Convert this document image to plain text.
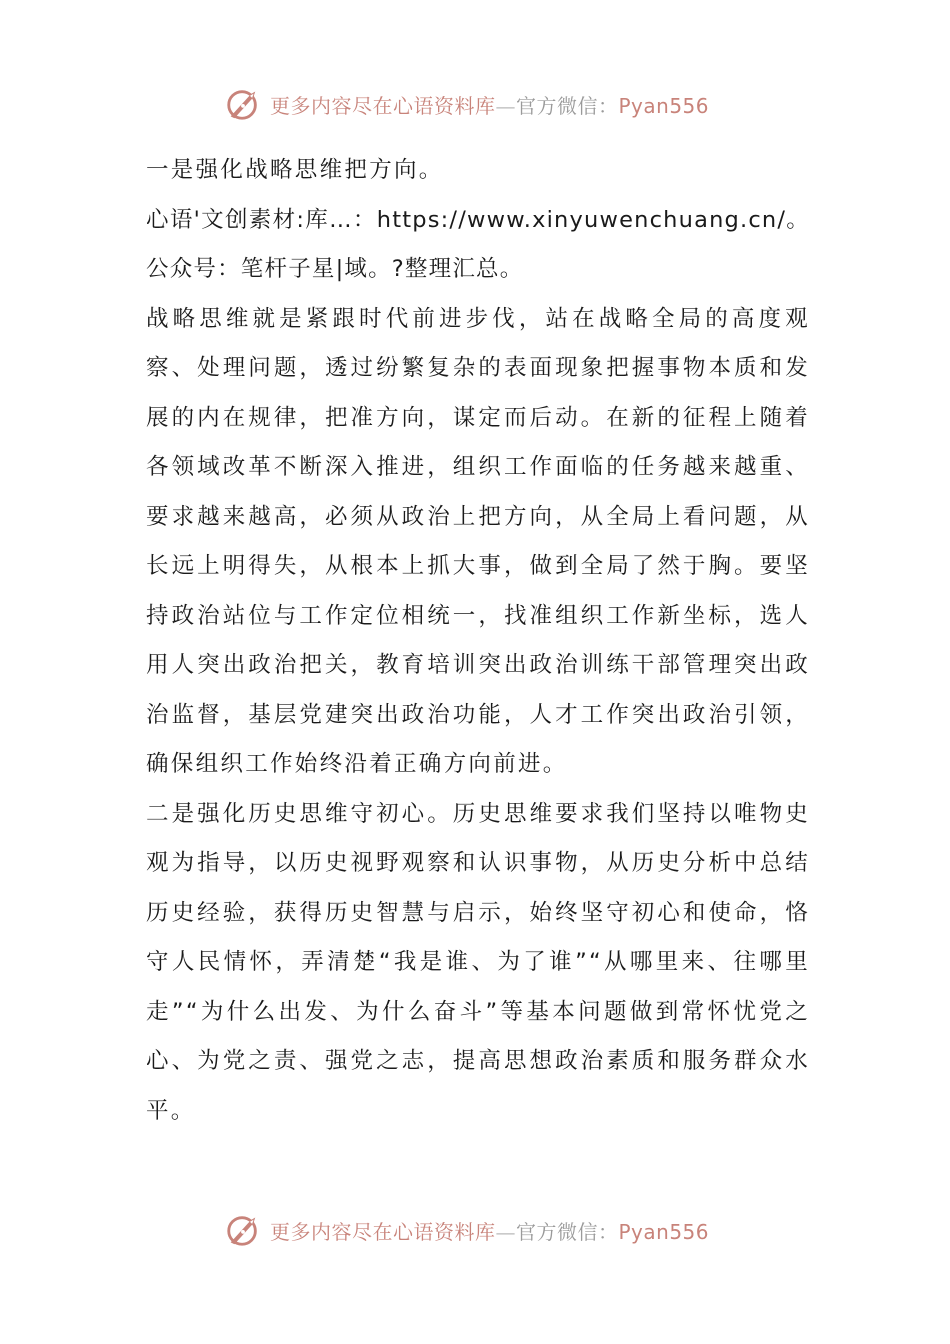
更多内容尽在心语资料库—官方微信：Pyan556

一是强化战略思维把方向。

心语'文创素材:库…：https://www.xinyuwenchuang.cn/。公众号：笔杆子星|域。?整理汇总。

战略思维就是紧跟时代前进步伐，站在战略全局的高度观察、处理问题，透过纷繁复杂的表面现象把握事物本质和发展的内在规律，把准方向，谋定而后动。在新的征程上随着各领域改革不断深入推进，组织工作面临的任务越来越重、要求越来越高，必须从政治上把方向，从全局上看问题，从长远上明得失，从根本上抓大事，做到全局了然于胸。要坚持政治站位与工作定位相统一，找准组织工作新坐标，选人用人突出政治把关，教育培训突出政治训练干部管理突出政治监督，基层党建突出政治功能，人才工作突出政治引领，确保组织工作始终沿着正确方向前进。

二是强化历史思维守初心。历史思维要求我们坚持以唯物史观为指导，以历史视野观察和认识事物，从历史分析中总结历史经验，获得历史智慧与启示，始终坚守初心和使命，恪守人民情怀，弄清楚“我是谁、为了谁”“从哪里来、往哪里走”“为什么出发、为什么奋斗”等基本问题做到常怀忧党之心、为党之责、强党之志，提高思想政治素质和服务群众水平。

更多内容尽在心语资料库—官方微信：Pyan556
